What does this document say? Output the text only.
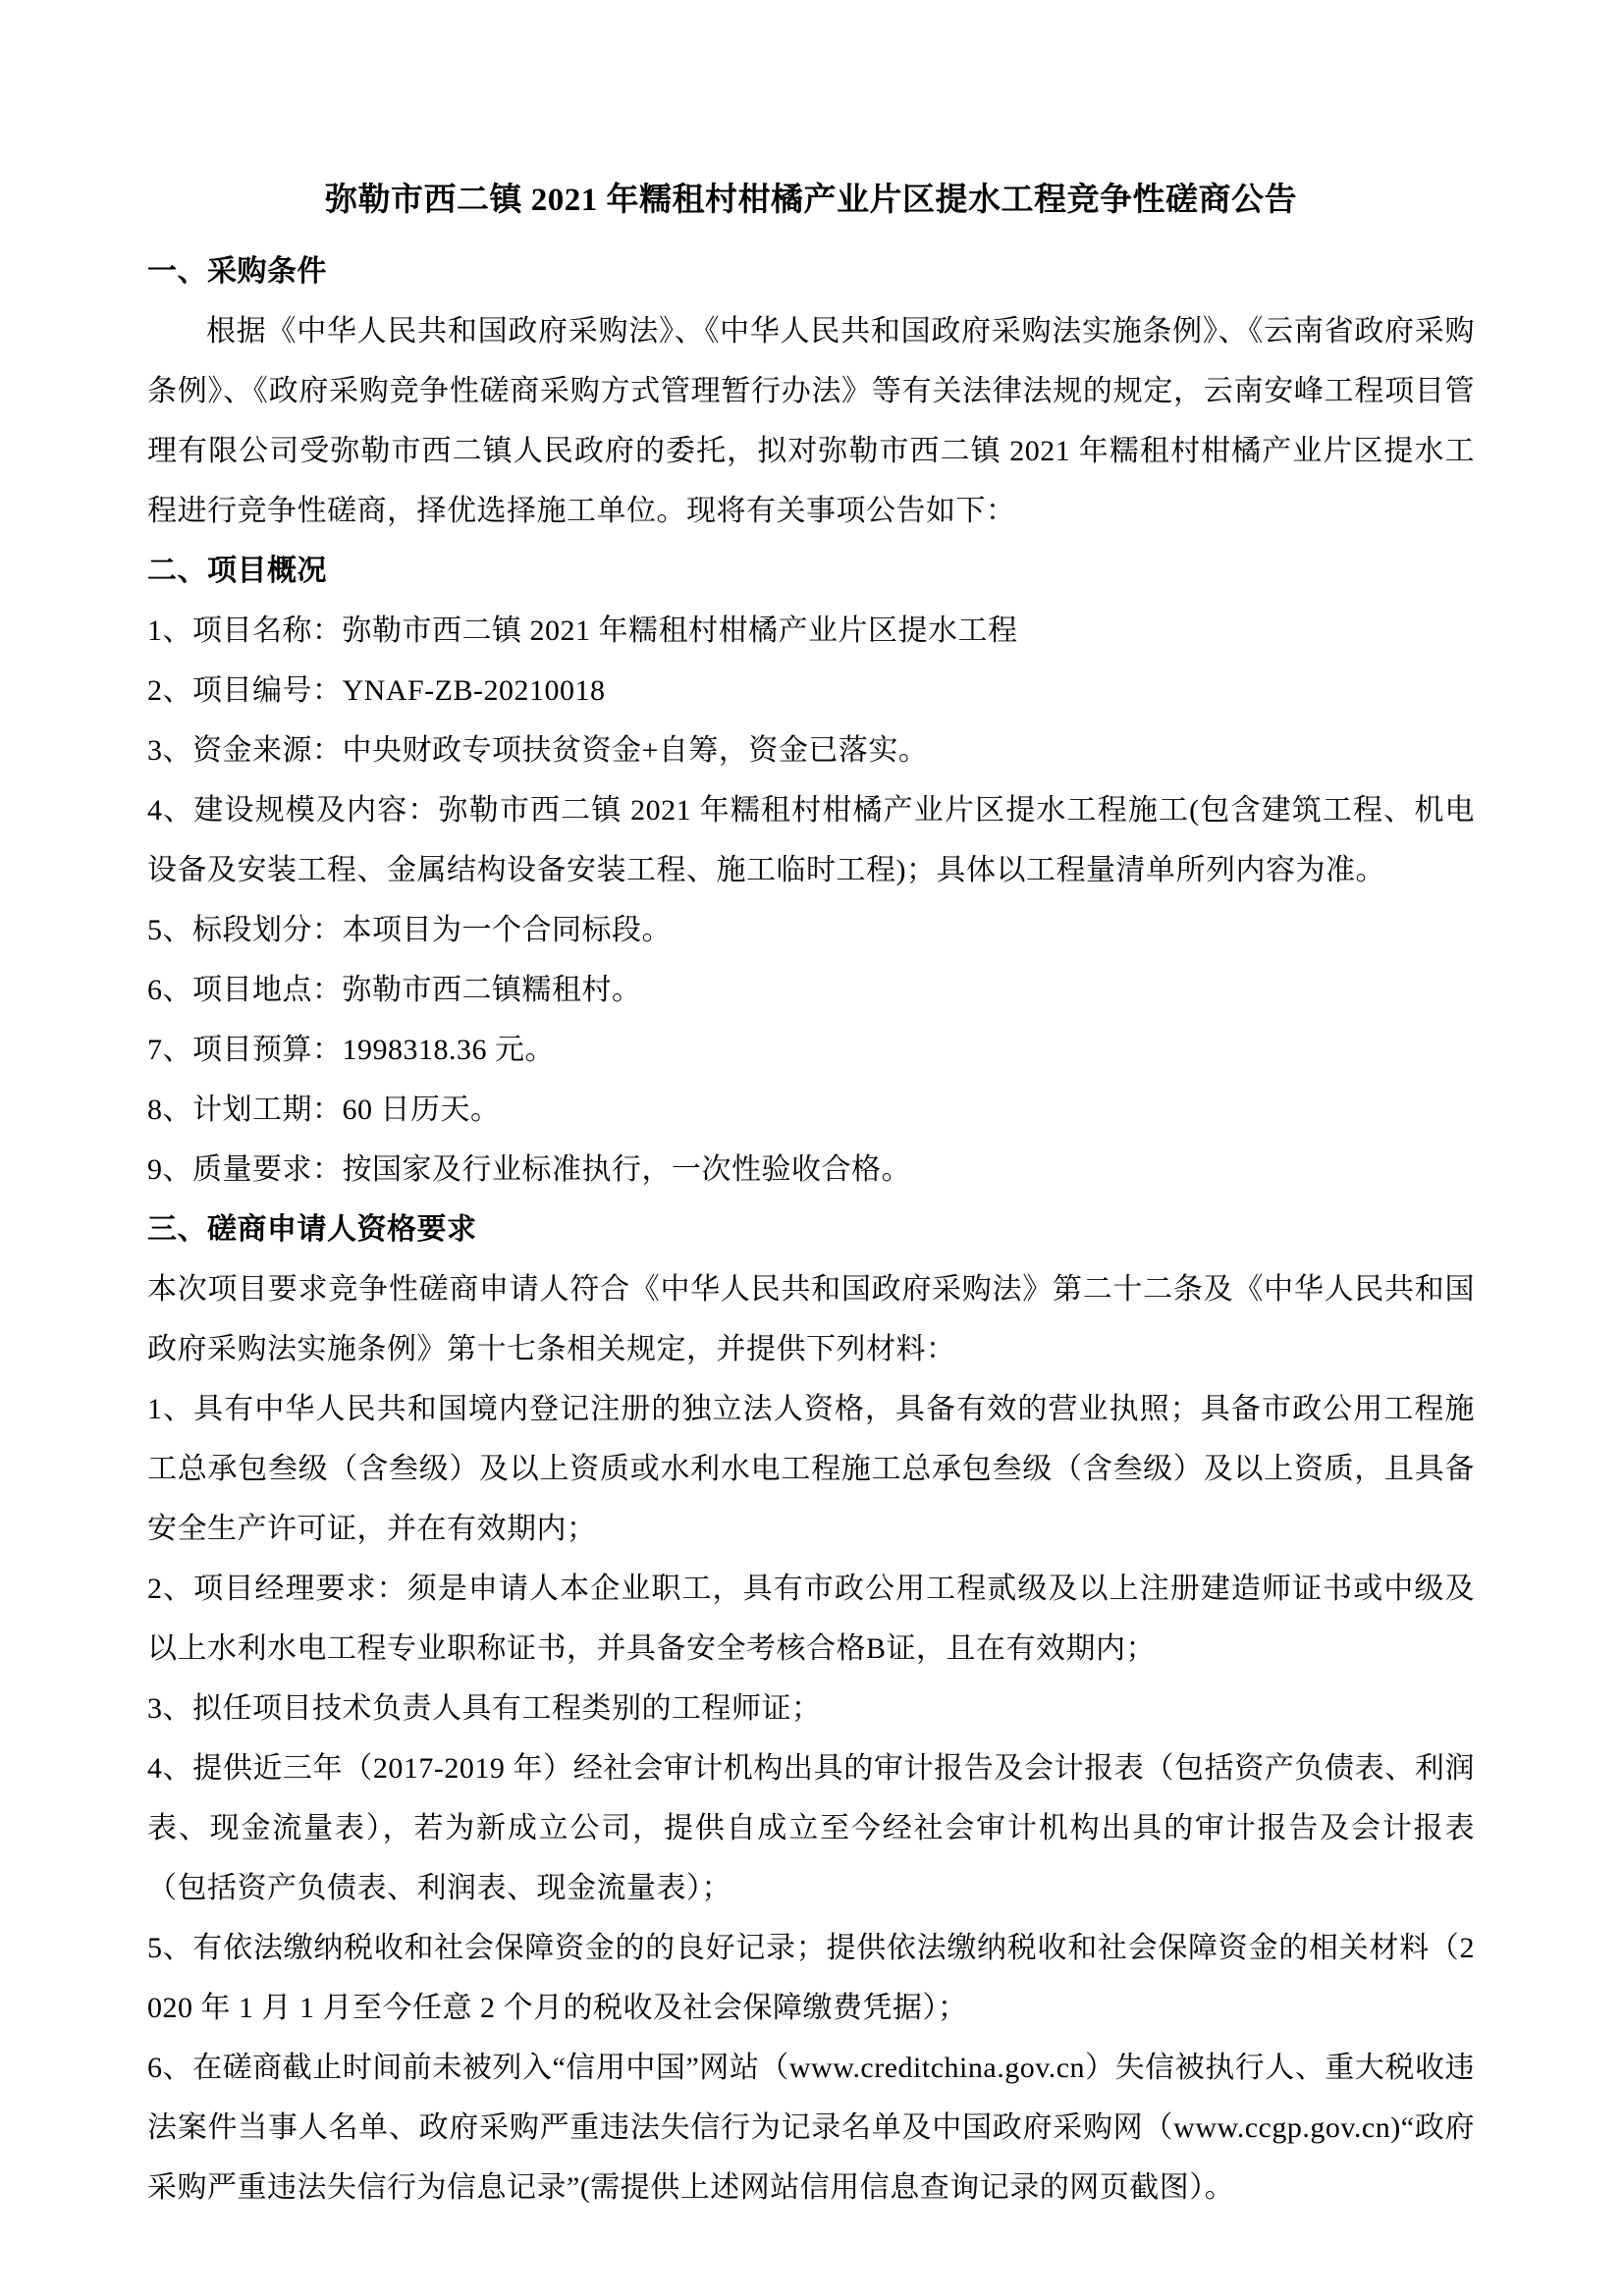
弥勒市西二镇 2021 年糯租村柑橘产业片区提水工程竞争性磋商公告
一、采购条件
根据《中华人民共和国政府采购法》、《中华人民共和国政府采购法实施条例》、《云南省政府采购条例》、《政府采购竞争性磋商采购方式管理暂行办法》等有关法律法规的规定，云南安峰工程项目管理有限公司受弥勒市西二镇人民政府的委托，拟对弥勒市西二镇 2021 年糯租村柑橘产业片区提水工程进行竞争性磋商，择优选择施工单位。现将有关事项公告如下：
二、项目概况
1、项目名称：弥勒市西二镇 2021 年糯租村柑橘产业片区提水工程
2、项目编号：YNAF-ZB-20210018
3、资金来源：中央财政专项扶贫资金+自筹，资金已落实。
4、建设规模及内容：弥勒市西二镇 2021 年糯租村柑橘产业片区提水工程施工(包含建筑工程、机电设备及安装工程、金属结构设备安装工程、施工临时工程)；具体以工程量清单所列内容为准。
5、标段划分：本项目为一个合同标段。
6、项目地点：弥勒市西二镇糯租村。
7、项目预算：1998318.36 元。
8、计划工期：60 日历天。
9、质量要求：按国家及行业标准执行，一次性验收合格。
三、磋商申请人资格要求
本次项目要求竞争性磋商申请人符合《中华人民共和国政府采购法》第二十二条及《中华人民共和国政府采购法实施条例》第十七条相关规定，并提供下列材料：
1、具有中华人民共和国境内登记注册的独立法人资格，具备有效的营业执照；具备市政公用工程施工总承包叁级（含叁级）及以上资质或水利水电工程施工总承包叁级（含叁级）及以上资质，且具备安全生产许可证，并在有效期内；
2、项目经理要求：须是申请人本企业职工，具有市政公用工程贰级及以上注册建造师证书或中级及以上水利水电工程专业职称证书，并具备安全考核合格B证，且在有效期内；
3、拟任项目技术负责人具有工程类别的工程师证；
4、提供近三年（2017-2019 年）经社会审计机构出具的审计报告及会计报表（包括资产负债表、利润表、现金流量表），若为新成立公司，提供自成立至今经社会审计机构出具的审计报告及会计报表（包括资产负债表、利润表、现金流量表）；
5、有依法缴纳税收和社会保障资金的的良好记录；提供依法缴纳税收和社会保障资金的相关材料（2020 年 1 月 1 月至今任意 2 个月的税收及社会保障缴费凭据）；
6、在磋商截止时间前未被列入“信用中国”网站（www.creditchina.gov.cn）失信被执行人、重大税收违法案件当事人名单、政府采购严重违法失信行为记录名单及中国政府采购网（www.ccgp.gov.cn)“政府采购严重违法失信行为信息记录”(需提供上述网站信用信息查询记录的网页截图）。
